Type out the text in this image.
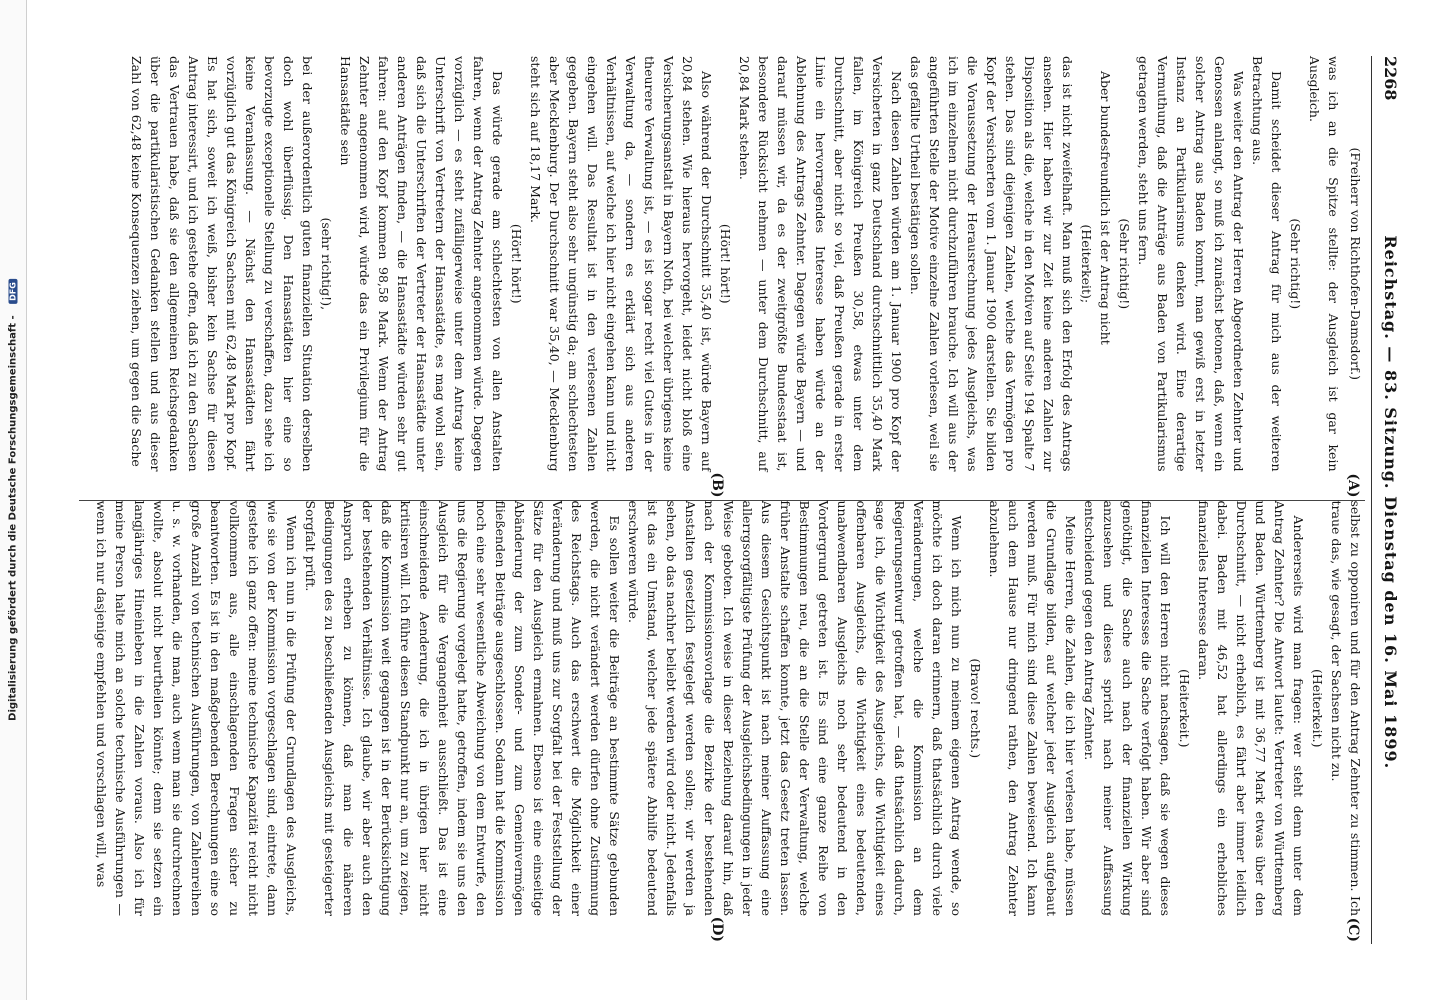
Digitalisierung gefördert durch die Deutsche Forschungsgemeinschaft - DFG
2268
Reichstag. — 83. Sitzung. Dienstag den 16. Mai 1899.
(A)
(B)
(Freiherr von Richthofen-Damsdorf.)

was ich an die Spitze stellte: der Ausgleich ist gar kein Ausgleich.

(Sehr richtig!)

Damit scheidet dieser Antrag für mich aus der weiteren Betrachtung aus.

Was weiter den Antrag der Herren Abgeordneten Zehnter und Genossen anlangt, so muß ich zunächst betonen, daß, wenn ein solcher Antrag aus Baden kommt, man gewiß erst in letzter Instanz an Partikularismus denken wird. Eine derartige Vermuthung, daß die Anträge aus Baden von Partikularismus getragen werden, steht uns fern.

(Sehr richtig!)

Aber bundesfreundlich ist der Antrag nicht

(Heiterkeit);

das ist nicht zweifelhaft. Man muß sich den Erfolg des Antrags ansehen. Hier haben wir zur Zeit keine anderen Zahlen zur Disposition als die, welche in den Motiven auf Seite 194 Spalte 7 stehen. Das sind diejenigen Zahlen, welche das Vermögen pro Kopf der Versicherten vom 1. Januar 1900 darstellen. Sie bilden die Voraussetzung der Herausrechnung jedes Ausgleichs, was ich im einzelnen nicht durchzuführen brauche. Ich will aus der angeführten Stelle der Motive einzelne Zahlen vorlesen, weil sie das gefällte Urtheil bestätigen sollen.

Nach diesen Zahlen würden am 1. Januar 1900 pro Kopf der Versicherten in ganz Deutschland durchschnittlich 35,40 Mark fallen, im Königreich Preußen 30,58, etwas unter dem Durchschnitt, aber nicht so viel, daß Preußen gerade in erster Linie ein hervorragendes Interesse haben würde an der Ablehnung des Antrags Zehnter. Dagegen würde Bayern — und darauf müssen wir, da es der zweitgrößte Bundesstaat ist, besondere Rücksicht nehmen — unter dem Durchschnitt, auf 20,84 Mark stehen.

(Hört! hört!)

Also während der Durchschnitt 35,40 ist, würde Bayern auf 20,84 stehen. Wie hieraus hervorgeht, leidet nicht bloß eine Versicherungsanstalt in Bayern Noth, bei welcher übrigens keine theurere Verwaltung ist, — es ist sogar recht viel Gutes in der Verwaltung da, — sondern es erklärt sich aus anderen Verhältnissen, auf welche ich hier nicht eingehen kann und nicht eingehen will. Das Resultat ist in den verlesenen Zahlen gegeben. Bayern steht also sehr ungünstig da; am schlechtesten aber Mecklenburg. Der Durchschnitt war 35,40, — Mecklenburg steht sich auf 18,17 Mark.

(Hört! hört!)

Das würde gerade am schlechtesten von allen Anstalten fahren, wenn der Antrag Zehnter angenommen würde. Dagegen vorzüglich — es steht zufälligerweise unter dem Antrag keine Unterschrift von Vertretern der Hansastädte, es mag wohl sein, daß sich die Unterschriften der Vertreter der Hansastädte unter anderen Anträgen finden, — die Hansastädte würden sehr gut fahren: auf den Kopf kommen 98,58 Mark. Wenn der Antrag Zehnter angenommen wird, würde das ein Privilegium für die Hansastädte sein

(sehr richtig!),

bei der außerordentlich guten finanziellen Situation derselben doch wohl überflüssig. Den Hansastädten hier eine so bevorzugte exceptionelle Stellung zu verschaffen, dazu sehe ich keine Veranlassung. — Nächst den Hansastädten fährt vorzüglich gut das Königreich Sachsen mit 62,48 Mark pro Kopf. Es hat sich, soweit ich weiß, bisher kein Sachse für diesen Antrag interessirt, und ich gestehe offen, daß ich zu den Sachsen das Vertrauen habe, daß sie den allgemeinen Reichsgedanken über die partikularistischen Gedanken stellen und aus dieser Zahl von 62,48 keine Konsequenzen ziehen, um gegen die Sache

(C)
(D)

selbst zu opponiren und für den Antrag Zehnter zu stimmen. Ich traue das, wie gesagt, der Sachsen nicht zu.

(Heiterkeit.)

Andererseits wird man fragen: wer steht denn unter dem Antrag Zehnter? Die Antwort lautet: Vertreter von Württemberg und Baden. Württemberg ist mit 36,77 Mark etwas über den Durchschnitt, — nicht erheblich, es fährt aber immer leidlich dabei. Baden mit 46,52 hat allerdings ein erhebliches finanzielles Interesse daran.

(Heiterkeit.)

Ich will den Herren nicht nachsagen, daß sie wegen dieses finanziellen Interesses die Sache verfolgt haben. Wir aber sind genöthigt, die Sache auch nach der finanziellen Wirkung anzusehen und dieses spricht nach meiner Auffassung entscheidend gegen den Antrag Zehnter.

Meine Herren, die Zahlen, die ich hier verlesen habe, müssen die Grundlage bilden, auf welcher jeder Ausgleich aufgebaut werden muß. Für mich sind diese Zahlen beweisend. Ich kann auch dem Hause nur dringend rathen, den Antrag Zehnter abzulehnen.

(Bravo! rechts.)

Wenn ich mich nun zu meinem eigenen Antrag wende, so möchte ich doch daran erinnern, daß thatsächlich durch viele Veränderungen, welche die Kommission an dem Regierungsentwurf getroffen hat, — daß thatsächlich dadurch, sage ich, die Wichtigkeit des Ausgleichs, die Wichtigkeit eines offenbaren Ausgleichs, die Wichtigkeit eines bedeutenden, unabwendbaren Ausgleichs noch sehr bedeutend in den Vordergrund getreten ist. Es sind eine ganze Reihe von Bestimmungen neu, die an die Stelle der Verwaltung, welche früher Anstalte schaffen konnte, jetzt das Gesetz treten lassen. Aus diesem Gesichtspunkt ist nach meiner Auffassung eine allerrgsorgfältigste Prüfung der Ausgleichsbedingungen in jeder Weise geboten. Ich weise in dieser Beziehung darauf hin, daß nach der Kommissionsvorlage die Bezirke der bestehenden Anstalten gesetzlich festgelegt werden sollen; wir werden ja sehen, ob das nachher beliebt werden wird oder nicht. Jedenfalls ist das ein Umstand, welcher jede spätere Abhilfe bedeutend erschweren würde.

Es sollen weiter die Beiträge an bestimmte Sätze gebunden werden, die nicht verändert werden dürfen ohne Zustimmung des Reichstags. Auch das erschwert die Möglichkeit einer Veränderung und muß uns zur Sorgfalt bei der Feststellung der Sätze für den Ausgleich ermahnen. Ebenso ist eine einseitige Abänderung der zum Sonder- und zum Gemeinvermögen fließenden Beiträge ausgeschlossen. Sodann hat die Kommission noch eine sehr wesentliche Abweichung von dem Entwurfe, den uns die Regierung vorgelegt hatte, getroffen, indem sie uns den Ausgleich für die Vergangenheit ausschließt. Das ist eine einschneidende Aenderung, die ich in übrigen hier nicht kritisiren will. Ich führe diesen Standpunkt nur an, um zu zeigen, daß die Kommission weit gegangen ist in der Berücksichtigung der bestehenden Verhältnisse. Ich glaube, wir aber auch den Anspruch erheben zu können, daß man die näheren Bedingungen des zu beschließenden Ausgleichs mit gesteigerter Sorgfalt prüft.

Wenn ich nun in die Prüfung der Grundlagen des Ausgleichs, wie sie von der Kommission vorgeschlagen sind, eintrete, dann gestehe ich ganz offen: meine technische Kapazität reicht nicht vollkommen aus, alle einschlagenden Fragen sicher zu beantworten. Es ist in den maßgebenden Berechnungen eine so große Anzahl von technischen Ausführungen, von Zahlenreihen u. s. w. vorhanden, die man, auch wenn man sie durchrechnen wollte, absolut nicht beurtheilen könnte; denn sie setzen ein langjähriges Hineinleben in die Zahlen voraus. Also ich für meine Person halte mich an solche technische Ausführungen — wenn ich nur dasjenige empfehlen und vorschlagen will, was
